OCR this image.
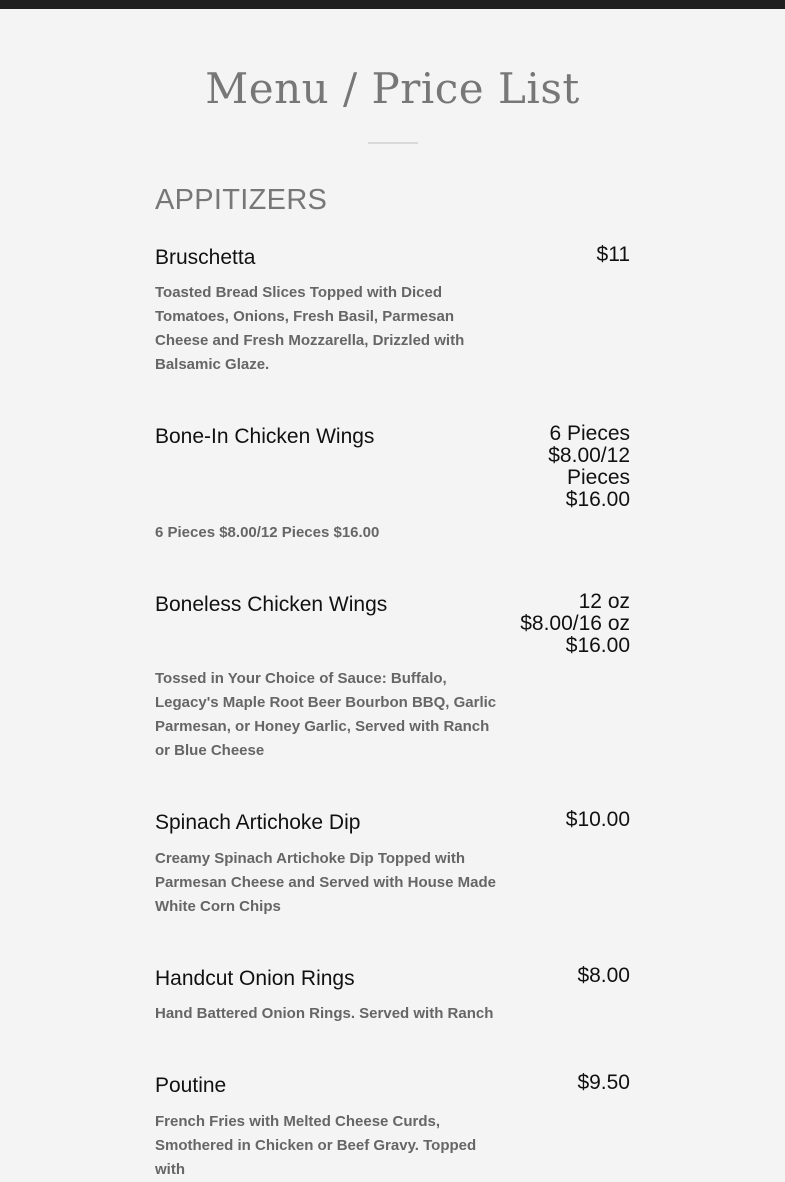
Menu / Price List
APPITIZERS
Bruschetta	$11
Toasted Bread Slices Topped with Diced Tomatoes, Onions, Fresh Basil, Parmesan Cheese and Fresh Mozzarella, Drizzled with Balsamic Glaze.
Bone-In Chicken Wings	6 Pieces $8.00/12 Pieces $16.00
6 Pieces $8.00/12 Pieces $16.00
Boneless Chicken Wings	12 oz $8.00/16 oz $16.00
Tossed in Your Choice of Sauce: Buffalo, Legacy's Maple Root Beer Bourbon BBQ, Garlic Parmesan, or Honey Garlic, Served with Ranch or Blue Cheese
Spinach Artichoke Dip	$10.00
Creamy Spinach Artichoke Dip Topped with Parmesan Cheese and Served with House Made White Corn Chips
Handcut Onion Rings	$8.00
Hand Battered Onion Rings. Served with Ranch
Poutine	$9.50
French Fries with Melted Cheese Curds, Smothered in Chicken or Beef Gravy. Topped with
